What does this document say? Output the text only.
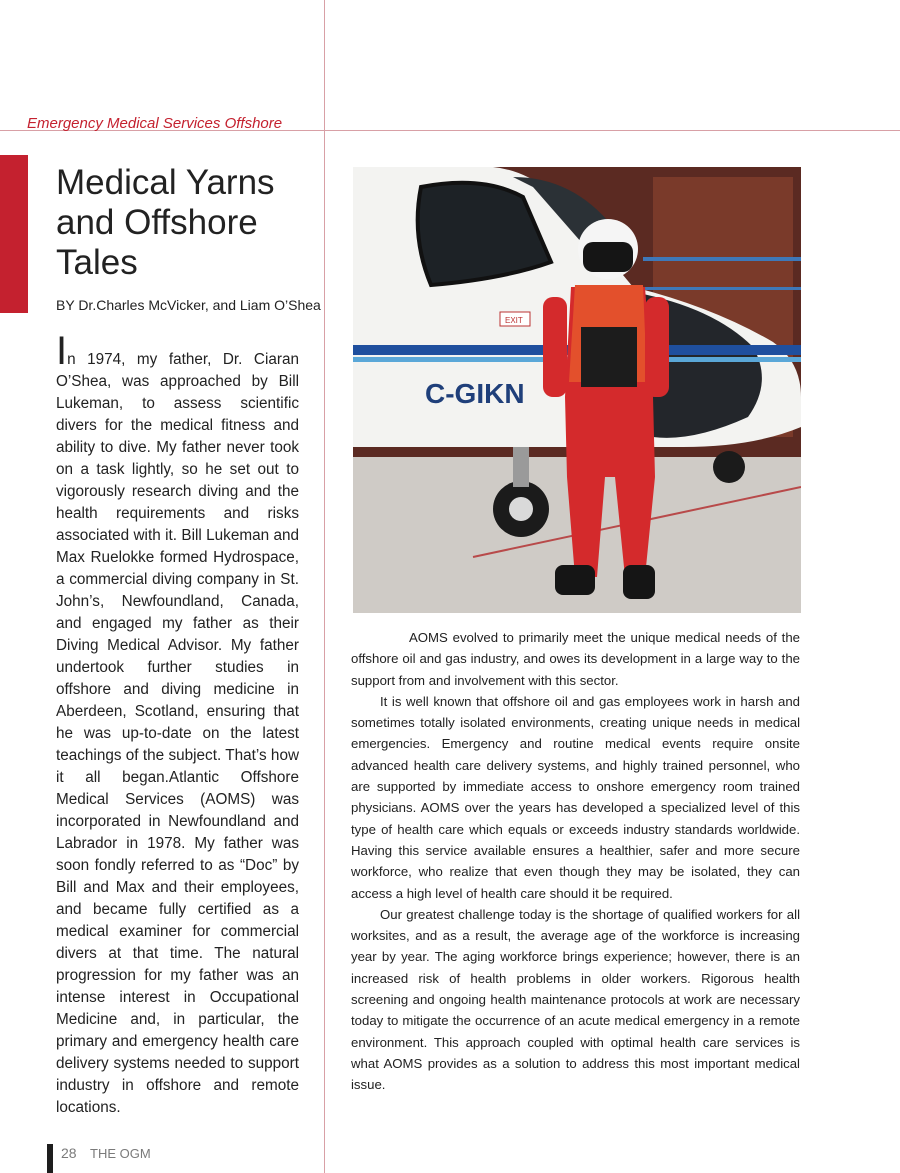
Emergency Medical Services Offshore
Medical Yarns and Offshore Tales
BY Dr.Charles McVicker, and Liam O’Shea

In 1974, my father, Dr. Ciaran O’Shea, was approached by Bill Lukeman, to assess scientific divers for the medical fitness and ability to dive. My father never took on a task lightly, so he set out to vigorously research diving and the health requirements and risks associated with it. Bill Lukeman and Max Ruelokke formed Hydrospace, a commercial diving company in St. John’s, Newfoundland, Canada, and engaged my father as their Diving Medical Advisor. My father undertook further studies in offshore and diving medicine in Aberdeen, Scotland, ensuring that he was up-to-date on the latest teachings of the subject. That’s how it all began.Atlantic Offshore Medical Services (AOMS) was incorporated in Newfoundland and Labrador in 1978. My father was soon fondly referred to as “Doc” by Bill and Max and their employees, and became fully certified as a medical examiner for commercial divers at that time. The natural progression for my father was an intense interest in Occupational Medicine and, in particular, the primary and emergency health care delivery systems needed to support industry in offshore and remote locations.

C-GIKN
EXIT

AOMS evolved to primarily meet the unique medical needs of the offshore oil and gas industry, and owes its development in a large way to the support from and involvement with this sector.

It is well known that offshore oil and gas employees work in harsh and sometimes totally isolated environments, creating unique needs in medical emergencies. Emergency and routine medical events require onsite advanced health care delivery systems, and highly trained personnel, who are supported by immediate access to onshore emergency room trained physicians. AOMS over the years has developed a specialized level of this type of health care which equals or exceeds industry standards worldwide. Having this service available ensures a healthier, safer and more secure workforce, who realize that even though they may be isolated, they can access a high level of health care should it be required.

Our greatest challenge today is the shortage of qualified workers for all worksites, and as a result, the average age of the workforce is increasing year by year. The aging workforce brings experience; however, there is an increased risk of health problems in older workers. Rigorous health screening and ongoing health maintenance protocols at work are necessary today to mitigate the occurrence of an acute medical emergency in a remote environment. This approach coupled with optimal health care services is what AOMS provides as a solution to address this most important medical issue.

28 THE OGM
